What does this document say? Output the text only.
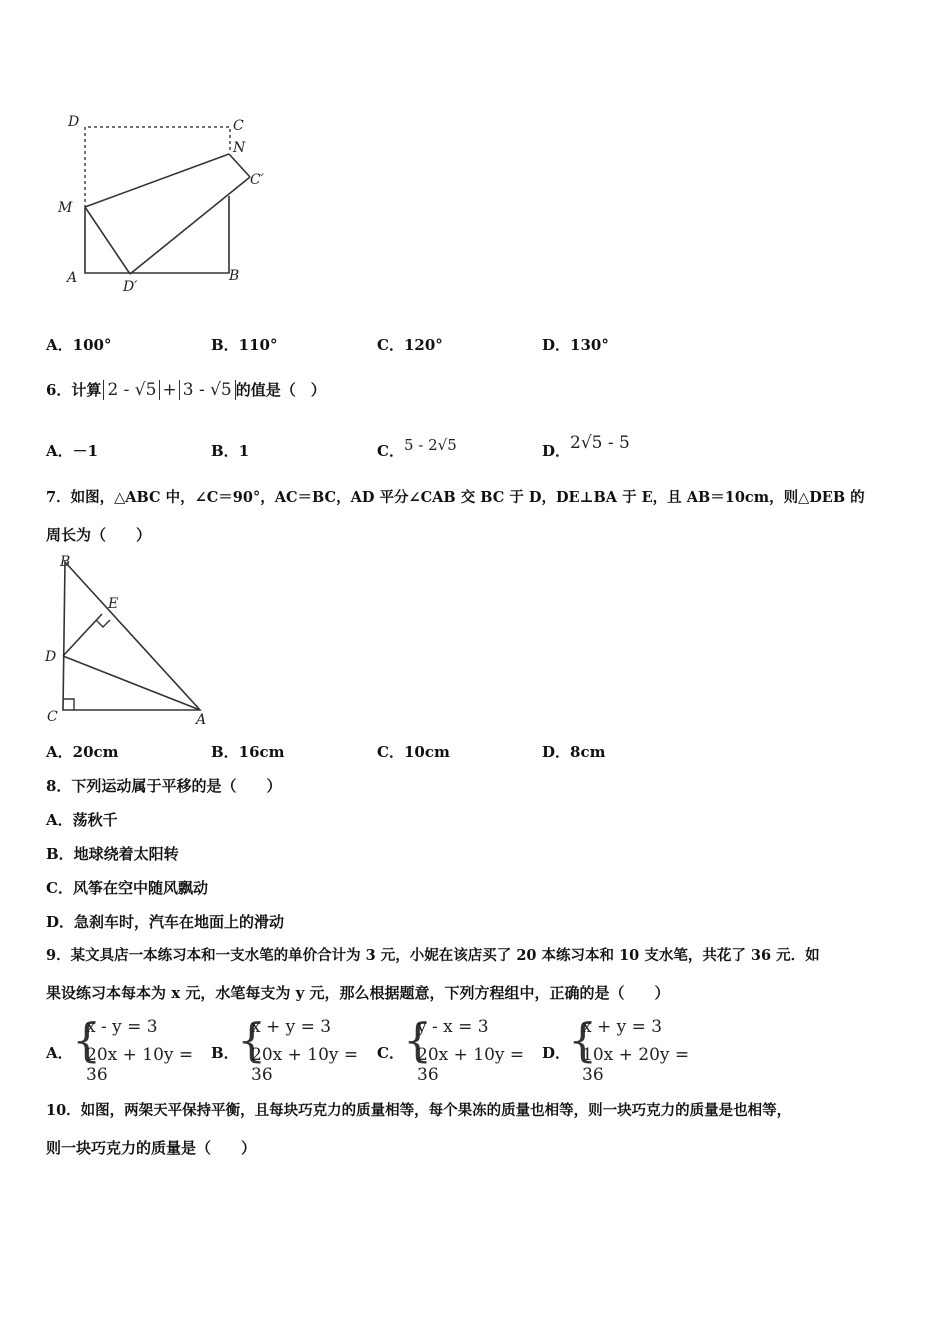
D	C
N
C′
M
A
D′
B
A．100°	B．110°	C．120°	D．130°
6．计算 2 - √5 + 3 - √5 的值是（　）
A．－1	B．1	C．5 - 2√5	D．2√5 - 5
7．如图，△ABC 中，∠C＝90°，AC＝BC，AD 平分∠CAB 交 BC 于 D，DE⊥BA 于 E，且 AB＝10cm，则△DEB 的
周长为（　　）
B
E
D
C	A
A．20cm	B．16cm	C．10cm	D．8cm
8．下列运动属于平移的是（　　）
A．荡秋千
B．地球绕着太阳转
C．风筝在空中随风飘动
D．急刹车时，汽车在地面上的滑动
9．某文具店一本练习本和一支水笔的单价合计为 3 元，小妮在该店买了 20 本练习本和 10 支水笔，共花了 36 元．如
果设练习本每本为 x 元，水笔每支为 y 元，那么根据题意，下列方程组中，正确的是（　　）
A． {
x - y = 3
20x + 10y = 36
B．
{
x + y = 3
20x + 10y = 36
C． {
y - x = 3
20x + 10y = 36
D．
{
x + y = 3
10x + 20y = 36
10．如图，两架天平保持平衡，且每块巧克力的质量相等，每个果冻的质量也相等，则一块巧克力的质量是也相等，
则一块巧克力的质量是（　　）
